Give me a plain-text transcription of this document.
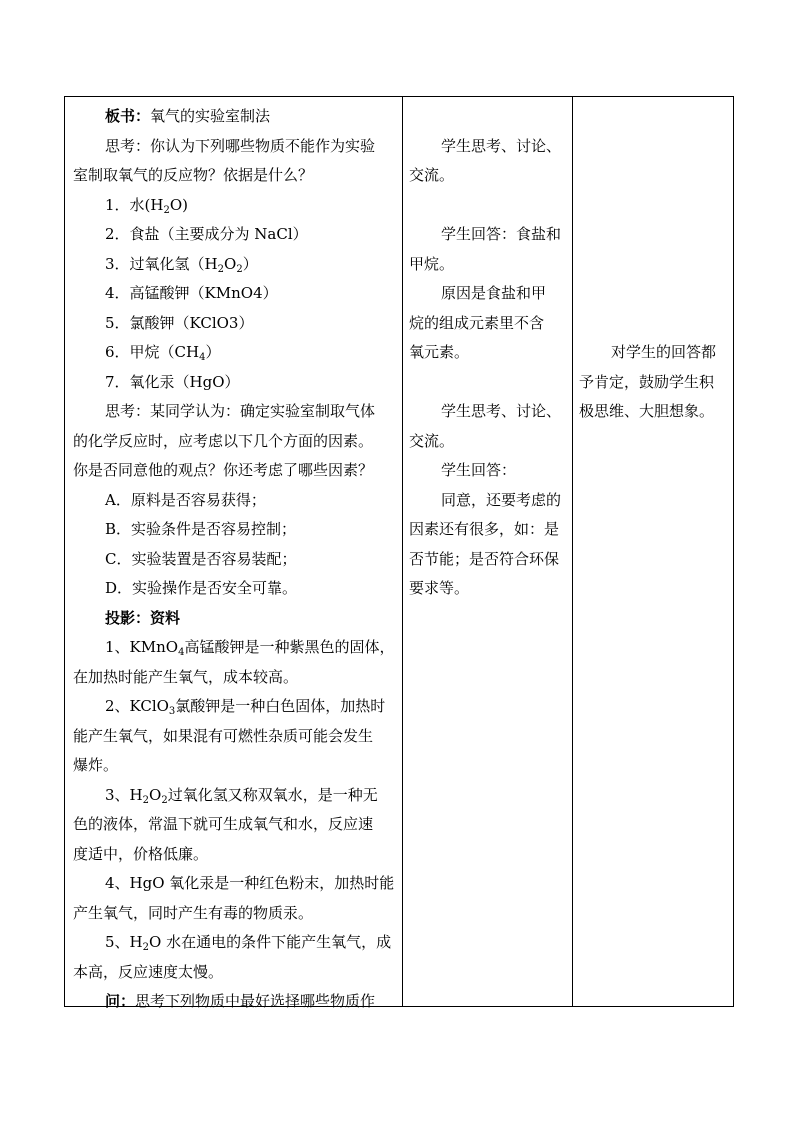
板书：氧气的实验室制法
思考：你认为下列哪些物质不能作为实验
室制取氧气的反应物？依据是什么？
1．水$(H_2O)$
2．食盐（主要成分为 NaCl）
3．过氧化氢$(H_2O_2)$
4．高锰酸钾（KMnO4）
5．氯酸钾（KClO3）
6．甲烷$(CH_4)$
7．氧化汞（HgO）
思考：某同学认为：确定实验室制取气体
的化学反应时，应考虑以下几个方面的因素。
你是否同意他的观点？你还考虑了哪些因素？
A．原料是否容易获得；
B．实验条件是否容易控制；
C．实验装置是否容易装配；
D．实验操作是否安全可靠。
投影：资料
1、KMnO$_4$高锰酸钾是一种紫黑色的固体，
在加热时能产生氧气，成本较高。
2、KClO$_3$氯酸钾是一种白色固体，加热时
能产生氧气，如果混有可燃性杂质可能会发生
爆炸。
3、$H_2O_2$过氧化氢又称双氧水，是一种无
色的液体，常温下就可生成氧气和水，反应速
度适中，价格低廉。
4、HgO 氧化汞是一种红色粉末，加热时能
产生氧气，同时产生有毒的物质汞。
5、$H_2O$ 水在通电的条件下能产生氧气，成
本高，反应速度太慢。
问：思考下列物质中最好选择哪些物质作
学生思考、讨论、
交流。
学生回答：食盐和
甲烷。
原因是食盐和甲
烷的组成元素里不含
氧元素。
学生思考、讨论、
交流。
学生回答：
同意，还要考虑的
因素还有很多，如：是
否节能；是否符合环保
要求等。
对学生的回答都
予肯定，鼓励学生积
极思维、大胆想象。
